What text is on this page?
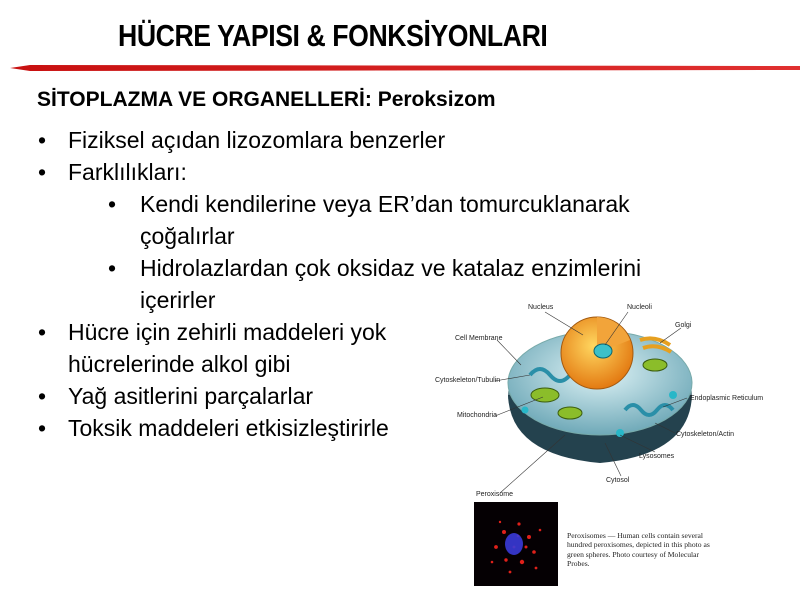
HÜCRE YAPISI & FONKSİYONLARI
SİTOPLAZMA VE ORGANELLERİ: Peroksizom
• Fiziksel açıdan lizozomlara benzerler
• Farklılıkları:
• Kendi kendilerine veya ER’dan tomurcuklanarak
çoğalırlar
• Hidrolazlardan çok oksidaz ve katalaz enzimlerini
içerirler
• Hücre için zehirli maddeleri yok
hücrelerinde alkol gibi
• Yağ asitlerini parçalarlar
• Toksik maddeleri etkisizleştirirle
Nucleus	Nucleoli
Golgi
Cell Membrane
Cytoskeleton/Tubulin
Mitochondria
Endoplasmic Reticulum
Cytoskeleton/Actin
Lysosomes
Cytosol
Peroxisome
Peroxisomes — Human cells contain several hundred peroxisomes, depicted in this photo as green spheres. Photo courtesy of Molecular Probes.
